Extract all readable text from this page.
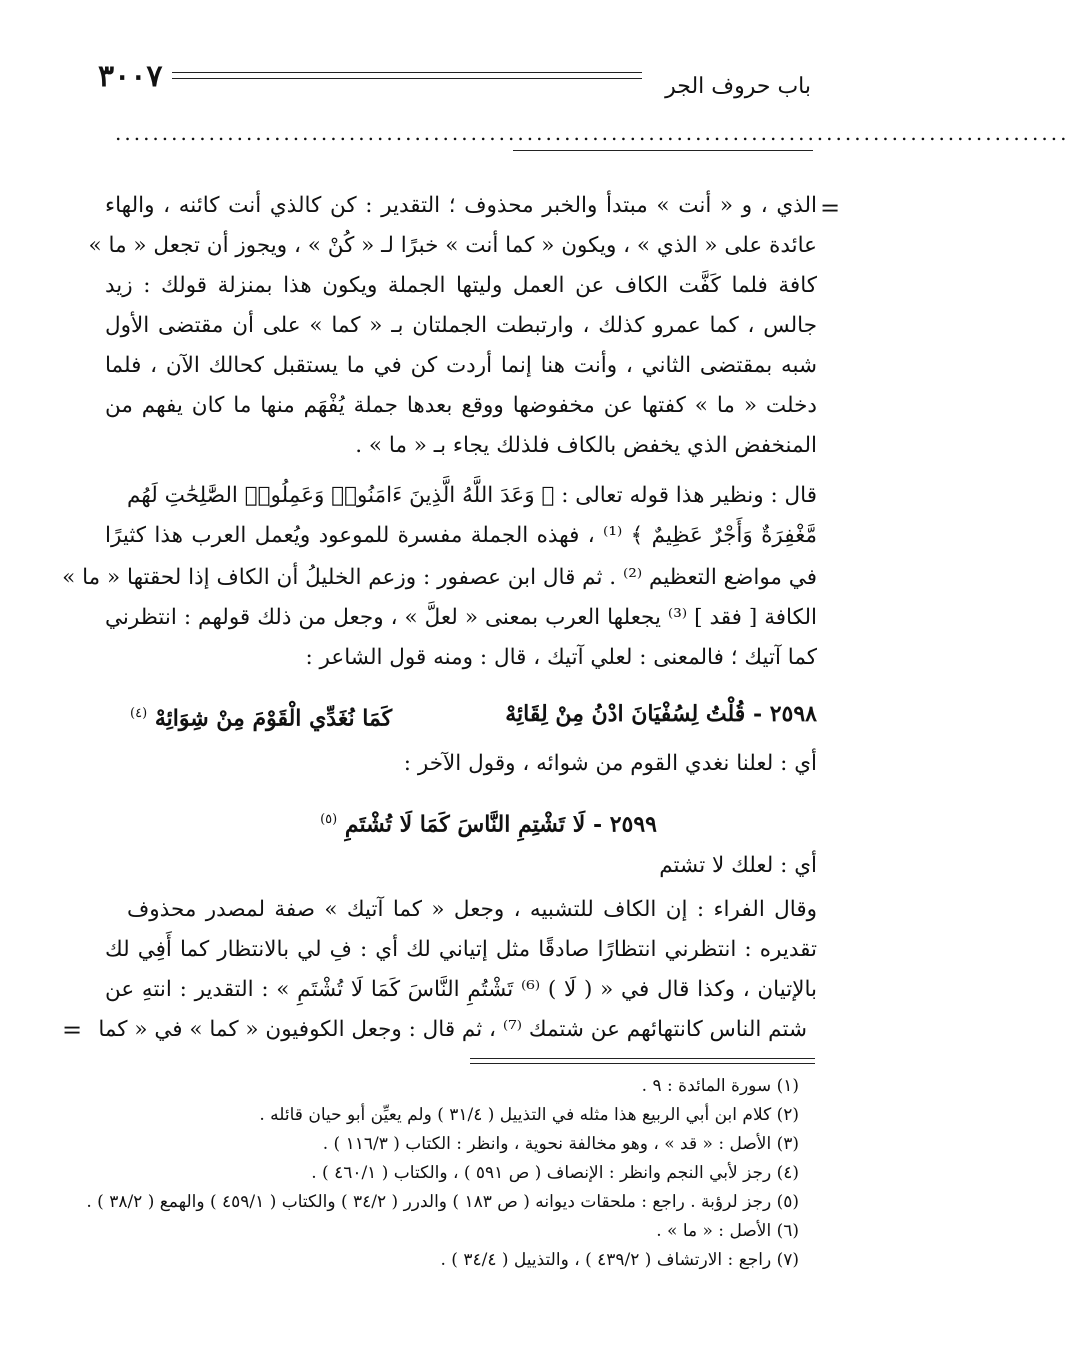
٣٠٠٧	باب حروف الجر
......................................................................................................
=
الذي ، و « أنت » مبتدأ والخبر محذوف ؛ التقدير : كن كالذي أنت كائنه ، والهاء
عائدة على « الذي » ، ويكون « كما أنت » خبرًا لـ « كُنْ » ، ويجوز أن تجعل « ما »
كافة فلما كَفَّت الكاف عن العمل وليتها الجملة ويكون هذا بمنزلة قولك : زيد
جالس ، كما عمرو كذلك ، وارتبطت الجملتان بـ « كما » على أن مقتضى الأول
شبه بمقتضى الثاني ، وأنت هنا إنما أردت كن في ما يستقبل كحالك الآن ، فلما
دخلت « ما » كفتها عن مخفوضها ووقع بعدها جملة يُفْهَم منها ما كان يفهم من
المنخفض الذي يخفض بالكاف فلذلك يجاء بـ « ما » .
قال : ونظير هذا قوله تعالى : ﴿ وَعَدَ اللَّهُ الَّذِينَ ءَامَنُوا۟ وَعَمِلُوا۟ الصَّٰلِحَٰتِ لَهُم
مَّغْفِرَةٌ وَأَجْرٌ عَظِيمٌ ﴾ ⁽¹⁾ ، فهذه الجملة مفسرة للموعود ويُعمل العرب هذا كثيرًا
في مواضع التعظيم ⁽²⁾ . ثم قال ابن عصفور : وزعم الخليلُ أن الكاف إذا لحقتها « ما »
الكافة [ فقد ] ⁽³⁾ يجعلها العرب بمعنى « لعلَّ » ، وجعل من ذلك قولهم : انتظرني
كما آتيك ؛ فالمعنى : لعلي آتيك ، قال : ومنه قول الشاعر :
٢٥٩٨ - قُلْتُ لِسُفْيَانَ ادْنُ مِنْ لِقَائِهْ
كَمَا نُغَدِّي الْقَوْمَ مِنْ شِوَائِهْ $^{(٤)}$
أي : لعلنا نغدي القوم من شوائه ، وقول الآخر :
٢٥٩٩ - لَا تَشْتِمِ النَّاسَ كَمَا لَا تُشْتَمِ $^{(٥)}$
أي : لعلك لا تشتم
وقال الفراء : إن الكاف للتشبيه ، وجعل « كما آتيك » صفة لمصدر محذوف
تقديره : انتظرني انتظارًا صادقًا مثل إتياني لك أي : فِ لي بالانتظار كما أَفِي لك
بالإتيان ، وكذا قال في « ( لَا ) ⁽⁶⁾ تَشْتُمِ النَّاسَ كَمَا لَا تُشْتَمِ » : التقدير : انتهِ عن
شتم الناس كانتهائهم عن شتمك ⁽⁷⁾ ، ثم قال : وجعل الكوفيون « كما » في « كما
=
(١) سورة المائدة : ٩ .
(٢) كلام ابن أبي الربيع هذا مثله في التذييل ( ٣١/٤ ) ولم يعيِّن أبو حيان قائله .
(٣) الأصل : « قد » ، وهو مخالفة نحوية ، وانظر : الكتاب ( ١١٦/٣ ) .
(٤) رجز لأبي النجم وانظر : الإنصاف ( ص ٥٩١ ) ، والكتاب ( ٤٦٠/١ ) .
(٥) رجز لرؤبة . راجع : ملحقات ديوانه ( ص ١٨٣ ) والدرر ( ٣٤/٢ ) والكتاب ( ٤٥٩/١ ) والهمع ( ٣٨/٢ ) .
(٦) الأصل : « ما » .
(٧) راجع : الارتشاف ( ٤٣٩/٢ ) ، والتذييل ( ٣٤/٤ ) .
